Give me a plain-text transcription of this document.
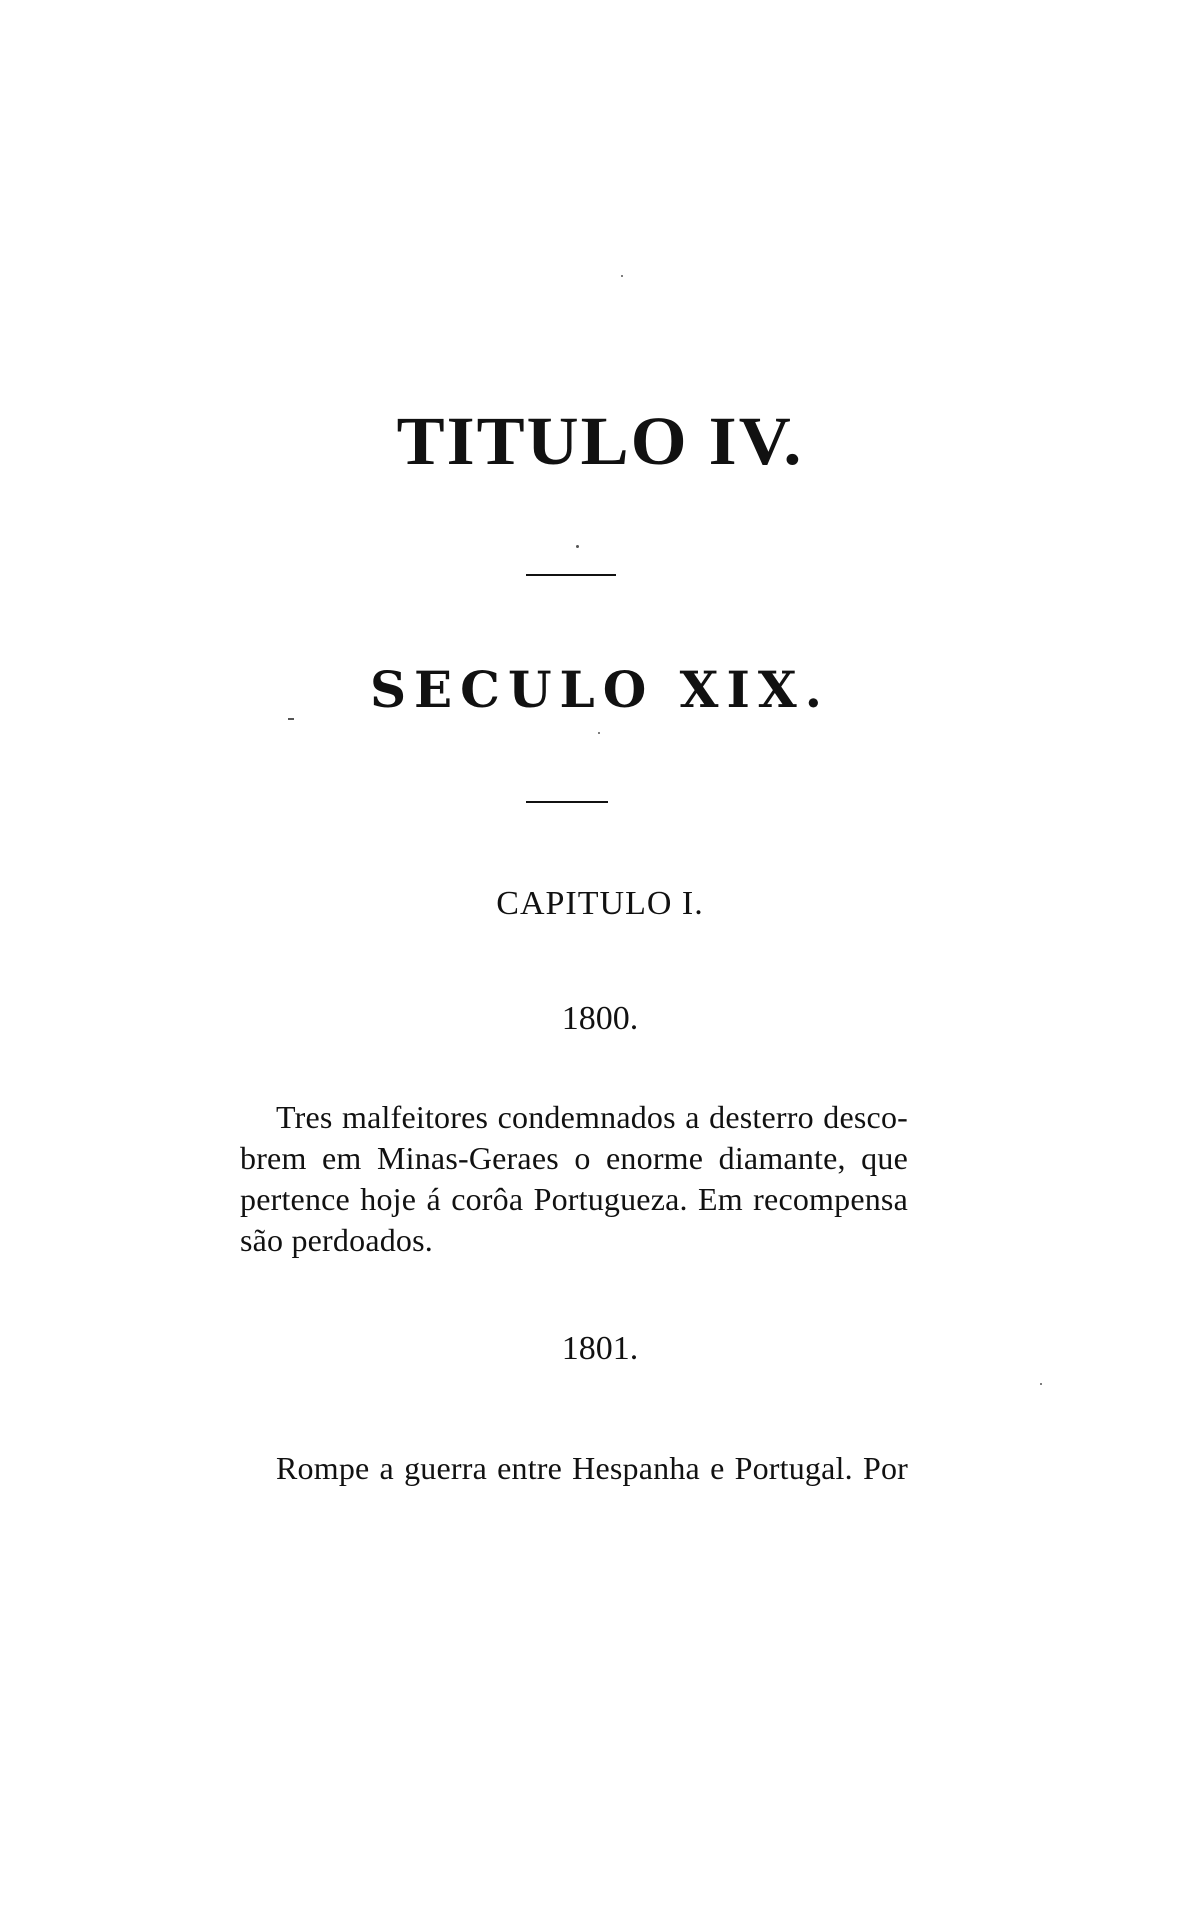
TITULO IV.
SECULO XIX.
CAPITULO I.
1800.
Tres malfeitores condemnados a desterro desco-
brem em Minas-Geraes o enorme diamante, que
pertence hoje á corôa Portugueza. Em recompensa
são perdoados.
1801.
Rompe a guerra entre Hespanha e Portugal. Por
